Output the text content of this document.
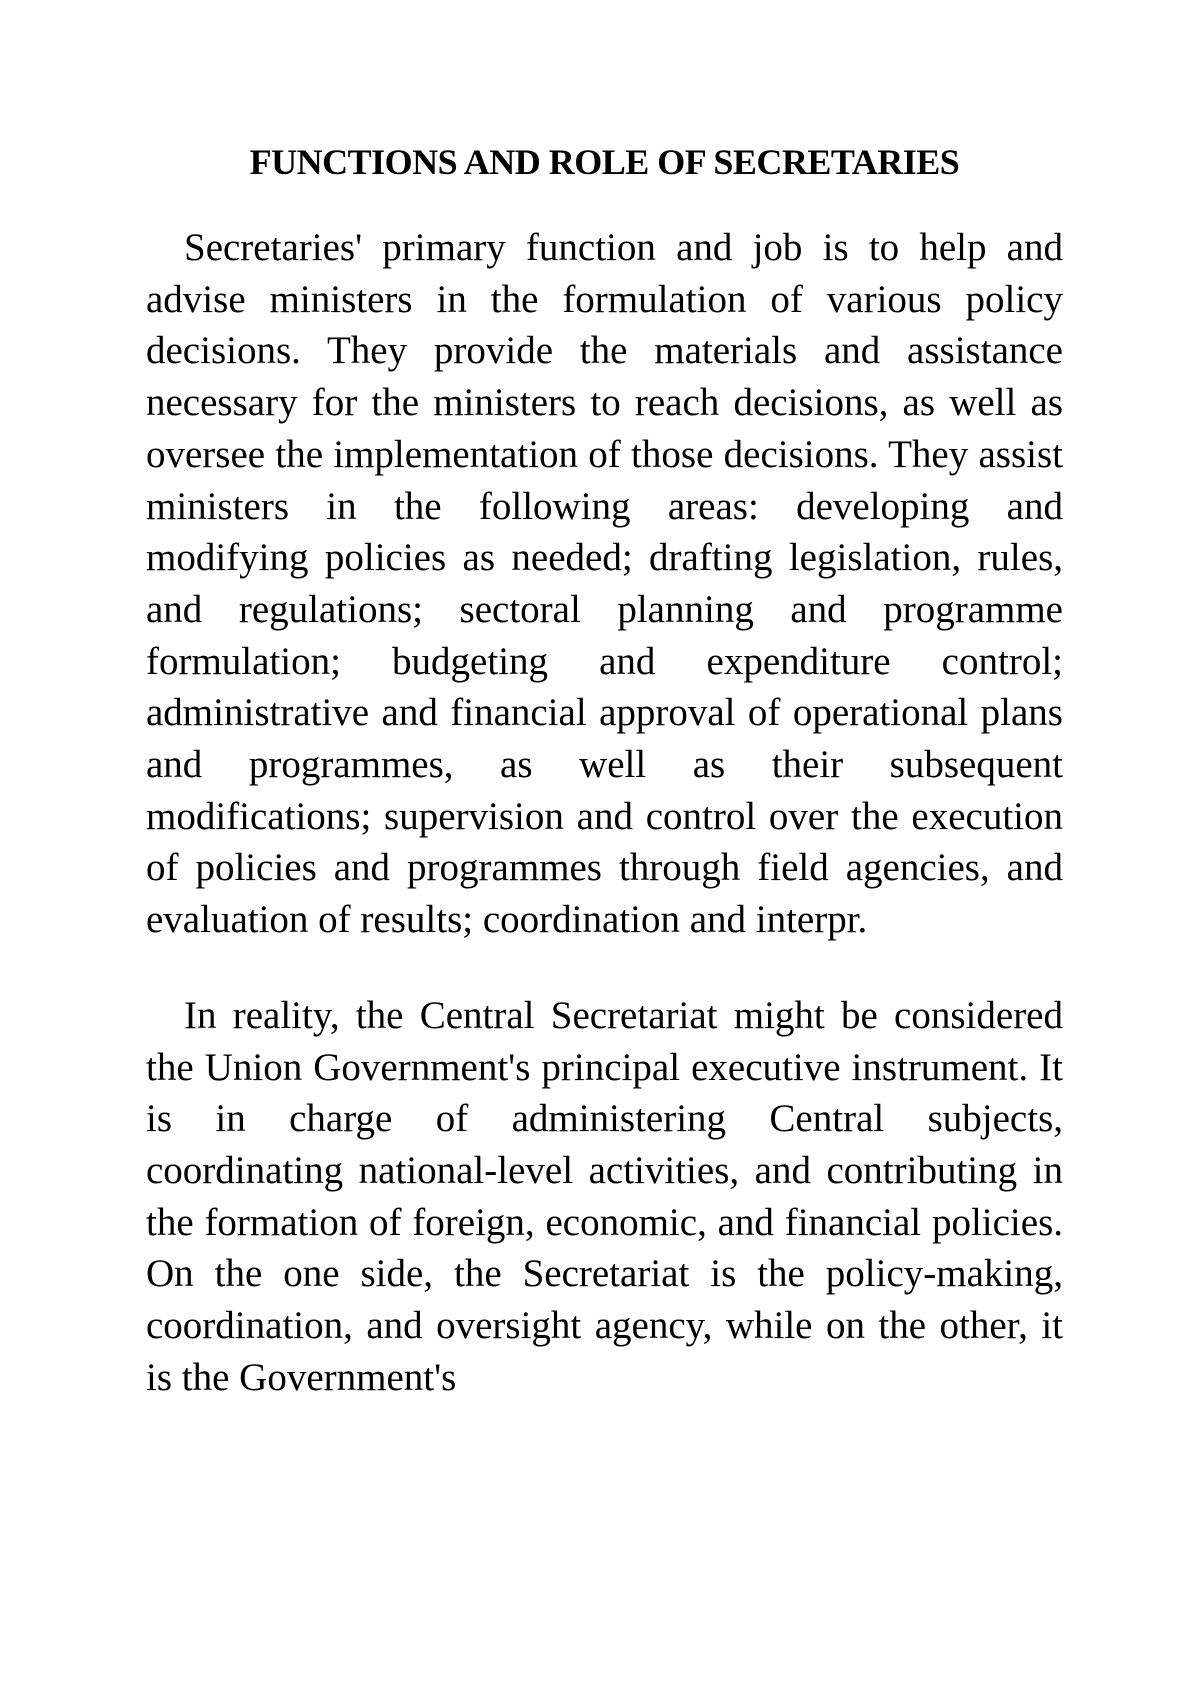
FUNCTIONS AND ROLE OF SECRETARIES

Secretaries' primary function and job is to help and advise ministers in the formulation of various policy decisions. They provide the materials and assistance necessary for the ministers to reach decisions, as well as oversee the implementation of those decisions. They assist ministers in the following areas: developing and modifying policies as needed; drafting legislation, rules, and regulations; sectoral planning and programme formulation; budgeting and expenditure control; administrative and financial approval of operational plans and programmes, as well as their subsequent modifications; supervision and control over the execution of policies and programmes through field agencies, and evaluation of results; coordination and interpr.

In reality, the Central Secretariat might be considered the Union Government's principal executive instrument. It is in charge of administering Central subjects, coordinating national-level activities, and contributing in the formation of foreign, economic, and financial policies. On the one side, the Secretariat is the policy-making, coordination, and oversight agency, while on the other, it is the Government's
